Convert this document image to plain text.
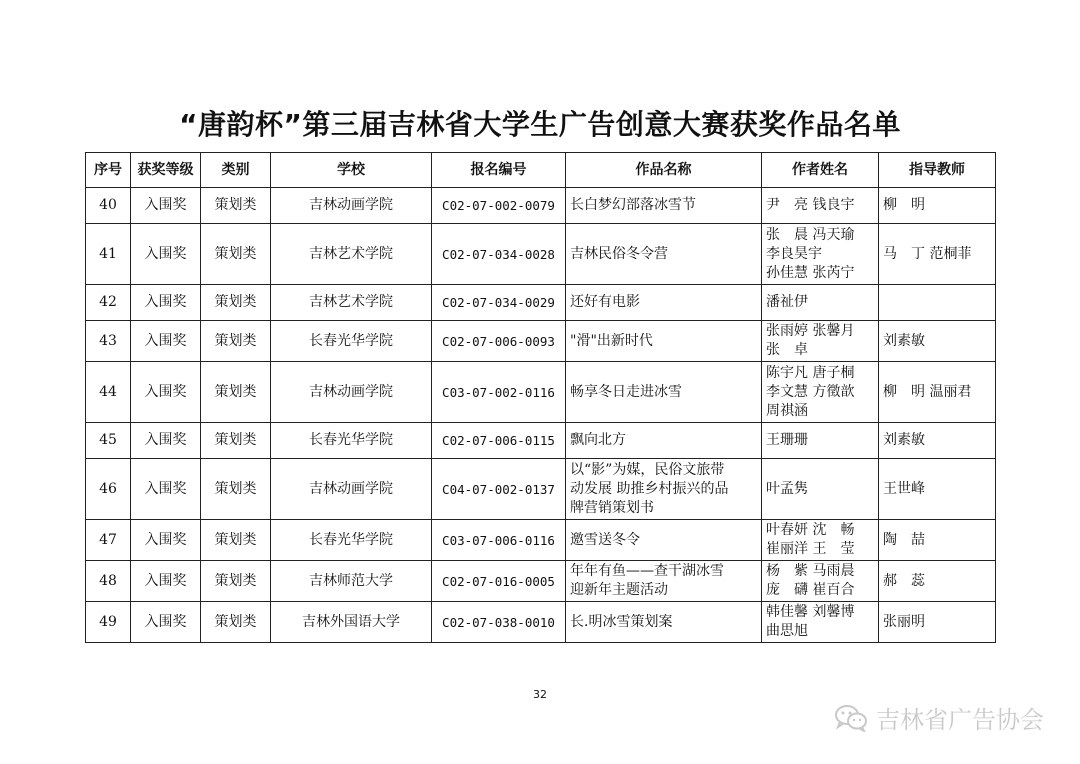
“唐韵杯”第三届吉林省大学生广告创意大赛获奖作品名单
序号	获奖等级	类别	学校	报名编号	作品名称	作者姓名	指导教师
40	入围奖	策划类	吉林动画学院	C02-07-002-0079	长白梦幻部落冰雪节	尹　亮 钱良宇	柳　明

41	入围奖	策划类	吉林艺术学院	C02-07-034-0028	吉林民俗冬令营	张　晨 冯天瑜
李良昊宇
孙佳慧 张芮宁	马　丁 范桐菲

42	入围奖	策划类	吉林艺术学院	C02-07-034-0029	还好有电影	潘祉伊	

43	入围奖	策划类	长春光华学院	C02-07-006-0093	"滑"出新时代	张雨婷 张馨月
张　卓	刘素敏

44	入围奖	策划类	吉林动画学院	C03-07-002-0116	畅享冬日走进冰雪	陈宇凡 唐子桐
李文慧 方徵歆
周祺涵	柳　明 温丽君

45	入围奖	策划类	长春光华学院	C02-07-006-0115	飘向北方	王珊珊	刘素敏

46	入围奖	策划类	吉林动画学院	C04-07-002-0137	以“影”为媒，民俗文旅带
动发展 助推乡村振兴的品
牌营销策划书	叶孟隽	王世峰

47	入围奖	策划类	长春光华学院	C03-07-006-0116	邀雪送冬令	叶春妍 沈　畅
崔丽洋 王　莹	陶　喆

48	入围奖	策划类	吉林师范大学	C02-07-016-0005	年年有鱼——查干湖冰雪
迎新年主题活动	杨　紫 马雨晨
庞　礴 崔百合	郝　蕊

49	入围奖	策划类	吉林外国语大学	C02-07-038-0010	长.明冰雪策划案	韩佳馨 刘馨博
曲思旭	张丽明
32
吉林省广告协会
